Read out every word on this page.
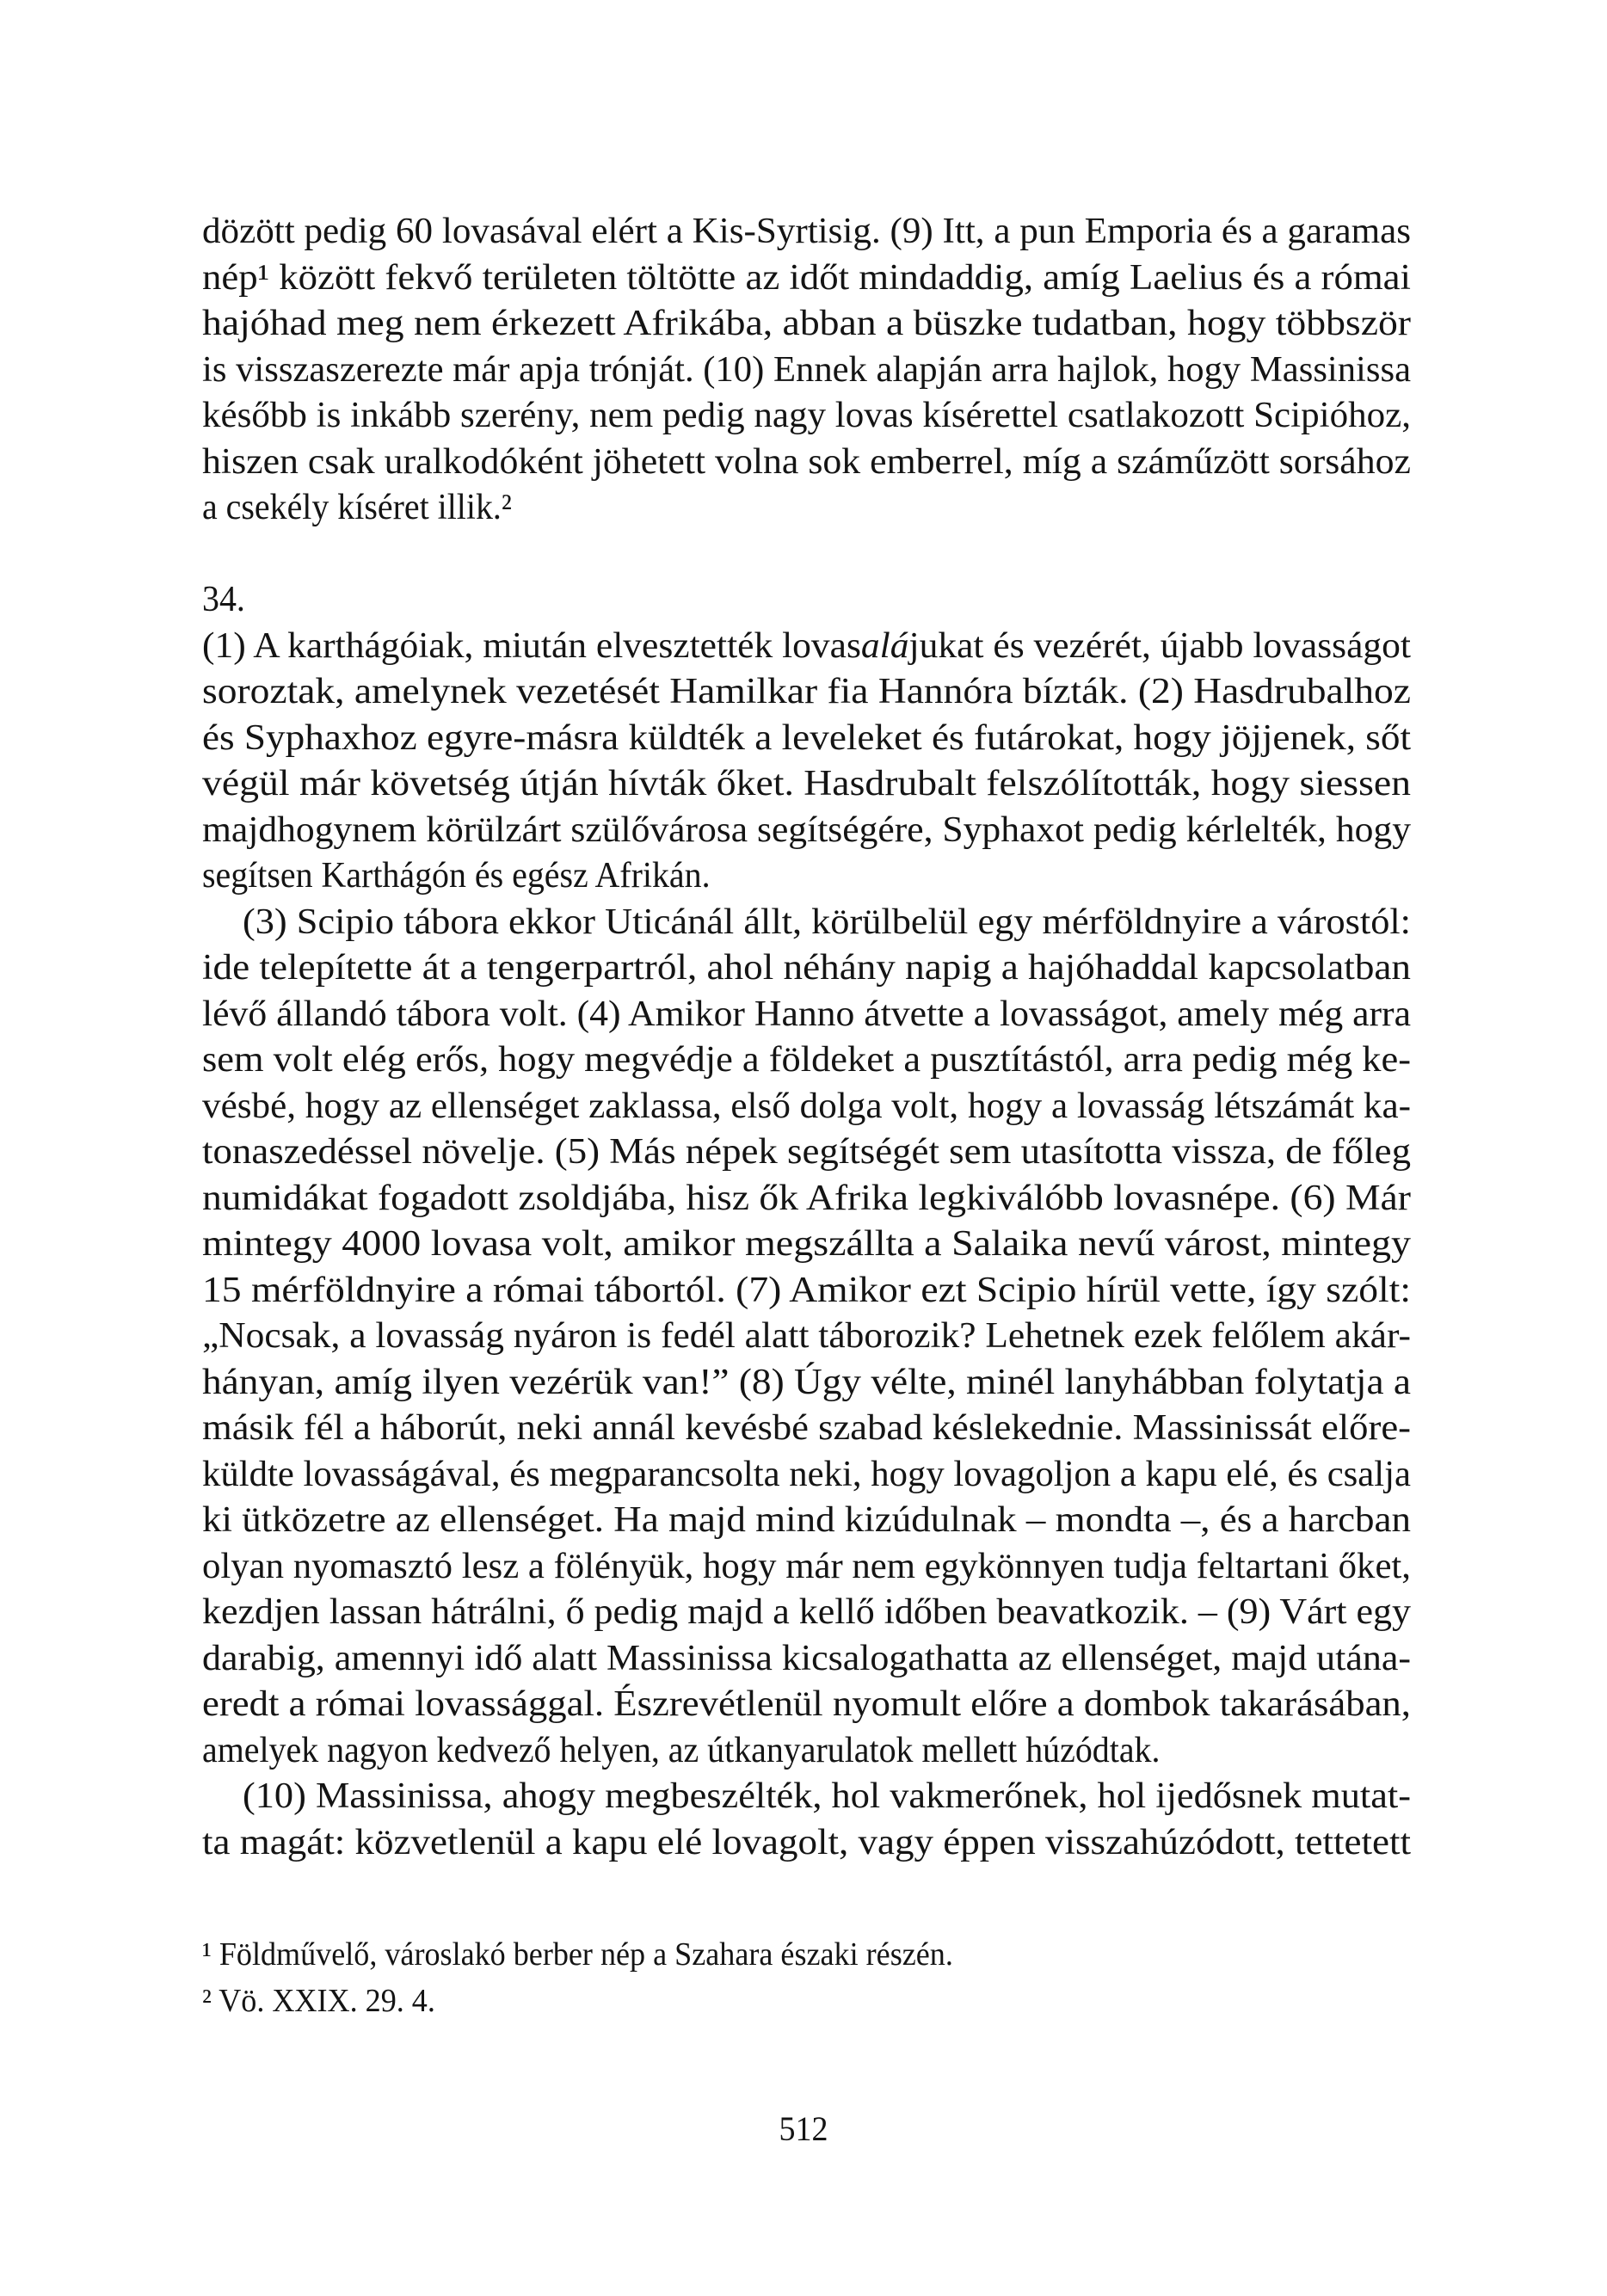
dözött pedig 60 lovasával elért a Kis-Syrtisig. (9) Itt, a pun Emporia és a garamas
nép¹ között fekvő területen töltötte az időt mindaddig, amíg Laelius és a római
hajóhad meg nem érkezett Afrikába, abban a büszke tudatban, hogy többször
is visszaszerezte már apja trónját. (10) Ennek alapján arra hajlok, hogy Massinissa
később is inkább szerény, nem pedig nagy lovas kísérettel csatlakozott Scipióhoz,
hiszen csak uralkodóként jöhetett volna sok emberrel, míg a száműzött sorsához
a csekély kíséret illik.²
34.
(1) A karthágóiak, miután elvesztették lovasalájukat és vezérét, újabb lovasságot
soroztak, amelynek vezetését Hamilkar fia Hannóra bízták. (2) Hasdrubalhoz
és Syphaxhoz egyre-másra küldték a leveleket és futárokat, hogy jöjjenek, sőt
végül már követség útján hívták őket. Hasdrubalt felszólították, hogy siessen
majdhogynem körülzárt szülővárosa segítségére, Syphaxot pedig kérlelték, hogy
segítsen Karthágón és egész Afrikán.
(3) Scipio tábora ekkor Uticánál állt, körülbelül egy mérföldnyire a várostól:
ide telepítette át a tengerpartról, ahol néhány napig a hajóhaddal kapcsolatban
lévő állandó tábora volt. (4) Amikor Hanno átvette a lovasságot, amely még arra
sem volt elég erős, hogy megvédje a földeket a pusztítástól, arra pedig még ke-
vésbé, hogy az ellenséget zaklassa, első dolga volt, hogy a lovasság létszámát ka-
tonaszedéssel növelje. (5) Más népek segítségét sem utasította vissza, de főleg
numidákat fogadott zsoldjába, hisz ők Afrika legkiválóbb lovasnépe. (6) Már
mintegy 4000 lovasa volt, amikor megszállta a Salaika nevű várost, mintegy
15 mérföldnyire a római tábortól. (7) Amikor ezt Scipio hírül vette, így szólt:
„Nocsak, a lovasság nyáron is fedél alatt táborozik? Lehetnek ezek felőlem akár-
hányan, amíg ilyen vezérük van!” (8) Úgy vélte, minél lanyhábban folytatja a
másik fél a háborút, neki annál kevésbé szabad késlekednie. Massinissát előre-
küldte lovasságával, és megparancsolta neki, hogy lovagoljon a kapu elé, és csalja
ki ütközetre az ellenséget. Ha majd mind kizúdulnak – mondta –, és a harcban
olyan nyomasztó lesz a fölényük, hogy már nem egykönnyen tudja feltartani őket,
kezdjen lassan hátrálni, ő pedig majd a kellő időben beavatkozik. – (9) Várt egy
darabig, amennyi idő alatt Massinissa kicsalogathatta az ellenséget, majd utána-
eredt a római lovassággal. Észrevétlenül nyomult előre a dombok takarásában,
amelyek nagyon kedvező helyen, az útkanyarulatok mellett húzódtak.
(10) Massinissa, ahogy megbeszélték, hol vakmerőnek, hol ijedősnek mutat-
ta magát: közvetlenül a kapu elé lovagolt, vagy éppen visszahúzódott, tettetett
¹ Földművelő, városlakó berber nép a Szahara északi részén.
² Vö. XXIX. 29. 4.
512
